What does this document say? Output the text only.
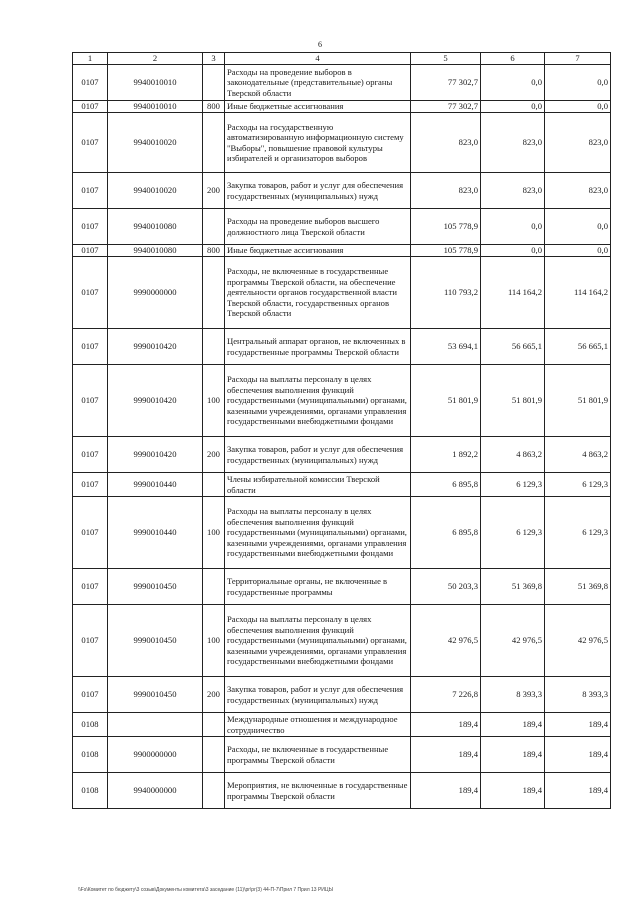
6
1	2	3	4	5	6	7
0107	9940010010		Расходы на проведение выборов в законодательные (представительные) органы Тверской области	77 302,7	0,0	0,0
0107	9940010010	800	Иные бюджетные ассигнования	77 302,7	0,0	0,0
0107	9940010020		Расходы на государственную автоматизированную информационную систему "Выборы", повышение правовой культуры избирателей и организаторов выборов	823,0	823,0	823,0
0107	9940010020	200	Закупка товаров, работ и услуг для обеспечения государственных (муниципальных) нужд	823,0	823,0	823,0
0107	9940010080		Расходы на проведение выборов высшего должностного лица Тверской области	105 778,9	0,0	0,0
0107	9940010080	800	Иные бюджетные ассигнования	105 778,9	0,0	0,0
0107	9990000000		Расходы, не включенные в государственные программы Тверской области, на обеспечение деятельности органов государственной власти Тверской области, государственных органов Тверской области	110 793,2	114 164,2	114 164,2
0107	9990010420		Центральный аппарат органов, не включенных в государственные программы Тверской области	53 694,1	56 665,1	56 665,1
0107	9990010420	100	Расходы на выплаты персоналу в целях обеспечения выполнения функций государственными (муниципальными) органами, казенными учреждениями, органами управления государственными внебюджетными фондами	51 801,9	51 801,9	51 801,9
0107	9990010420	200	Закупка товаров, работ и услуг для обеспечения государственных (муниципальных) нужд	1 892,2	4 863,2	4 863,2
0107	9990010440		Члены избирательной комиссии Тверской области	6 895,8	6 129,3	6 129,3
0107	9990010440	100	Расходы на выплаты персоналу в целях обеспечения выполнения функций государственными (муниципальными) органами, казенными учреждениями, органами управления государственными внебюджетными фондами	6 895,8	6 129,3	6 129,3
0107	9990010450		Территориальные органы, не включенные в государственные программы	50 203,3	51 369,8	51 369,8
0107	9990010450	100	Расходы на выплаты персоналу в целях обеспечения выполнения функций государственными (муниципальными) органами, казенными учреждениями, органами управления государственными внебюджетными фондами	42 976,5	42 976,5	42 976,5
0107	9990010450	200	Закупка товаров, работ и услуг для обеспечения государственных (муниципальных) нужд	7 226,8	8 393,3	8 393,3
0108			Международные отношения и международное сотрудничество	189,4	189,4	189,4
0108	9900000000		Расходы, не включенные в государственные программы Тверской области	189,4	189,4	189,4
0108	9940000000		Мероприятия, не включенные в государственные программы Тверской области	189,4	189,4	189,4
\\Fs\Комитет по бюджету\3 созыв\Документы комитета\3 заседание (11)\pr\pr(3) 44-П-7\Прил 7 Прил 13 РИЦЫ
